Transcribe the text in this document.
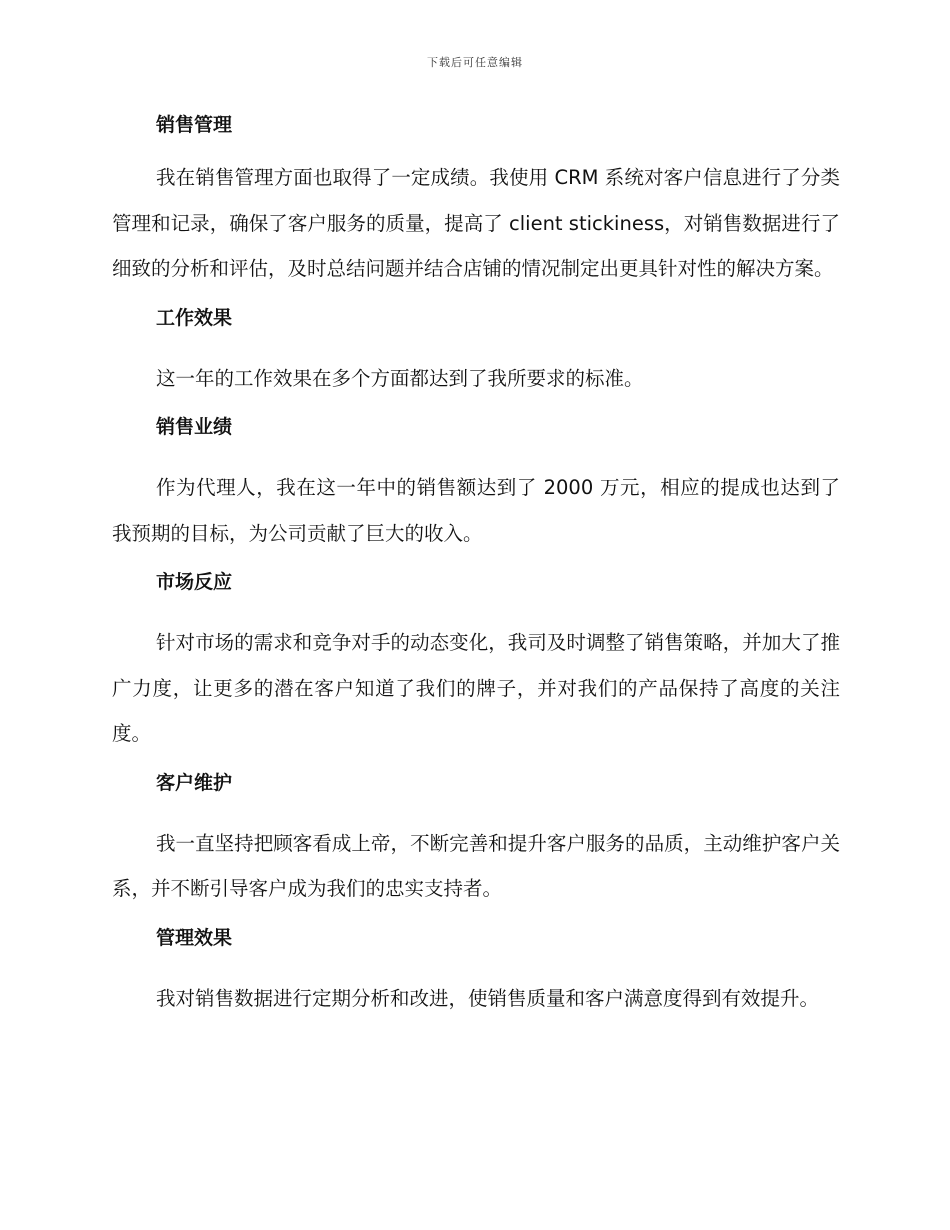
下载后可任意编辑
销售管理

我在销售管理方面也取得了一定成绩。我使用 CRM 系统对客户信息进行了分类管理和记录，确保了客户服务的质量，提高了 client stickiness，对销售数据进行了细致的分析和评估，及时总结问题并结合店铺的情况制定出更具针对性的解决方案。

工作效果

这一年的工作效果在多个方面都达到了我所要求的标准。

销售业绩

作为代理人，我在这一年中的销售额达到了 2000 万元，相应的提成也达到了我预期的目标，为公司贡献了巨大的收入。

市场反应

针对市场的需求和竞争对手的动态变化，我司及时调整了销售策略，并加大了推广力度，让更多的潜在客户知道了我们的牌子，并对我们的产品保持了高度的关注度。

客户维护

我一直坚持把顾客看成上帝，不断完善和提升客户服务的品质，主动维护客户关系，并不断引导客户成为我们的忠实支持者。

管理效果

我对销售数据进行定期分析和改进，使销售质量和客户满意度得到有效提升。
